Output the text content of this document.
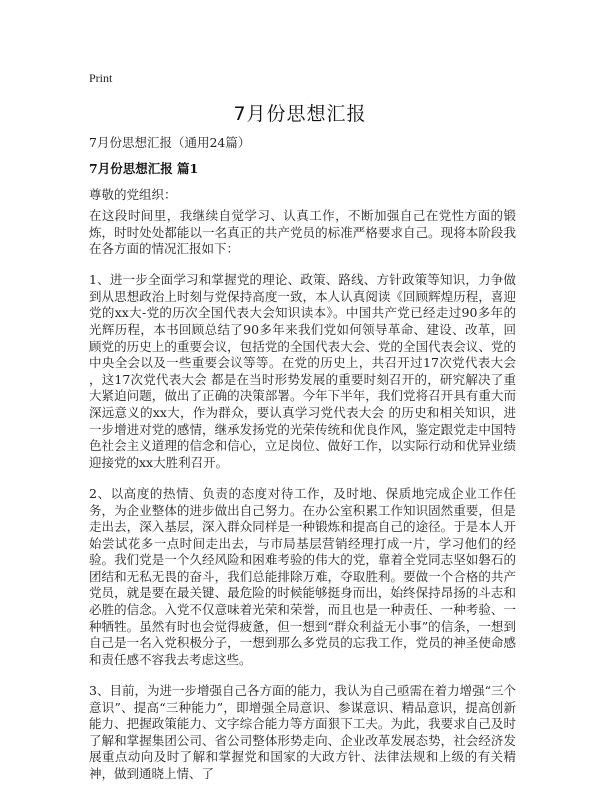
Print
7月份思想汇报
7月份思想汇报（通用24篇）
7月份思想汇报 篇1
尊敬的党组织：

在这段时间里，我继续自觉学习、认真工作，不断加强自己在党性方面的锻炼，时时处处都能以一名真正的共产党员的标准严格要求自己。现将本阶段我在各方面的情况汇报如下：

1、进一步全面学习和掌握党的理论、政策、路线、方针政策等知识，力争做到从思想政治上时刻与党保持高度一致，本人认真阅读《回顾辉煌历程，喜迎党的xx大-党的历次全国代表大会知识读本》。中国共产党已经走过90多年的光辉历程，本书回顾总结了90多年来我们党如何领导革命、建设、改革，回顾党的历史上的重要会议，包括党的全国代表大会、党的全国代表会议、党的中央全会以及一些重要会议等等。在党的历史上，共召开过17次党代表大会 ，这17次党代表大会 都是在当时形势发展的重要时刻召开的，研究解决了重大紧迫问题，做出了正确的决策部署。今年下半年，我们党将召开具有重大而深远意义的xx大，作为群众，要认真学习党代表大会 的历史和相关知识，进一步增进对党的感情，继承发扬党的光荣传统和优良作风，鉴定跟党走中国特色社会主义道理的信念和信心，立足岗位、做好工作，以实际行动和优异业绩迎接党的xx大胜利召开。

2、以高度的热情、负责的态度对待工作，及时地、保质地完成企业工作任务，为企业整体的进步做出自己努力。在办公室积累工作知识固然重要，但是走出去，深入基层，深入群众同样是一种锻炼和提高自己的途径。于是本人开始尝试花多一点时间走出去，与市局基层营销经理打成一片，学习他们的经验。我们党是一个久经风险和困难考验的伟大的党，靠着全党同志坚如磐石的团结和无私无畏的奋斗，我们总能排除万难，夺取胜利。要做一个合格的共产党员，就是要在最关键、最危险的时候能够挺身而出，始终保持昂扬的斗志和必胜的信念。入党不仅意味着光荣和荣誉，而且也是一种责任、一种考验、一种牺牲。虽然有时也会觉得疲惫，但一想到“群众利益无小事”的信条，一想到自己是一名入党积极分子，一想到那么多党员的忘我工作，党员的神圣使命感和责任感不容我去考虑这些。

3、目前，为进一步增强自己各方面的能力，我认为自己亟需在着力增强“三个意识”、提高“三种能力”，即增强全局意识、参谋意识、精品意识，提高创新能力、把握政策能力、文字综合能力等方面狠下工夫。为此，我要求自己及时了解和掌握集团公司、省公司整体形势走向、企业改革发展态势，社会经济发展重点动向及时了解和掌握党和国家的大政方针、法律法规和上级的有关精神，做到通晓上情、了
